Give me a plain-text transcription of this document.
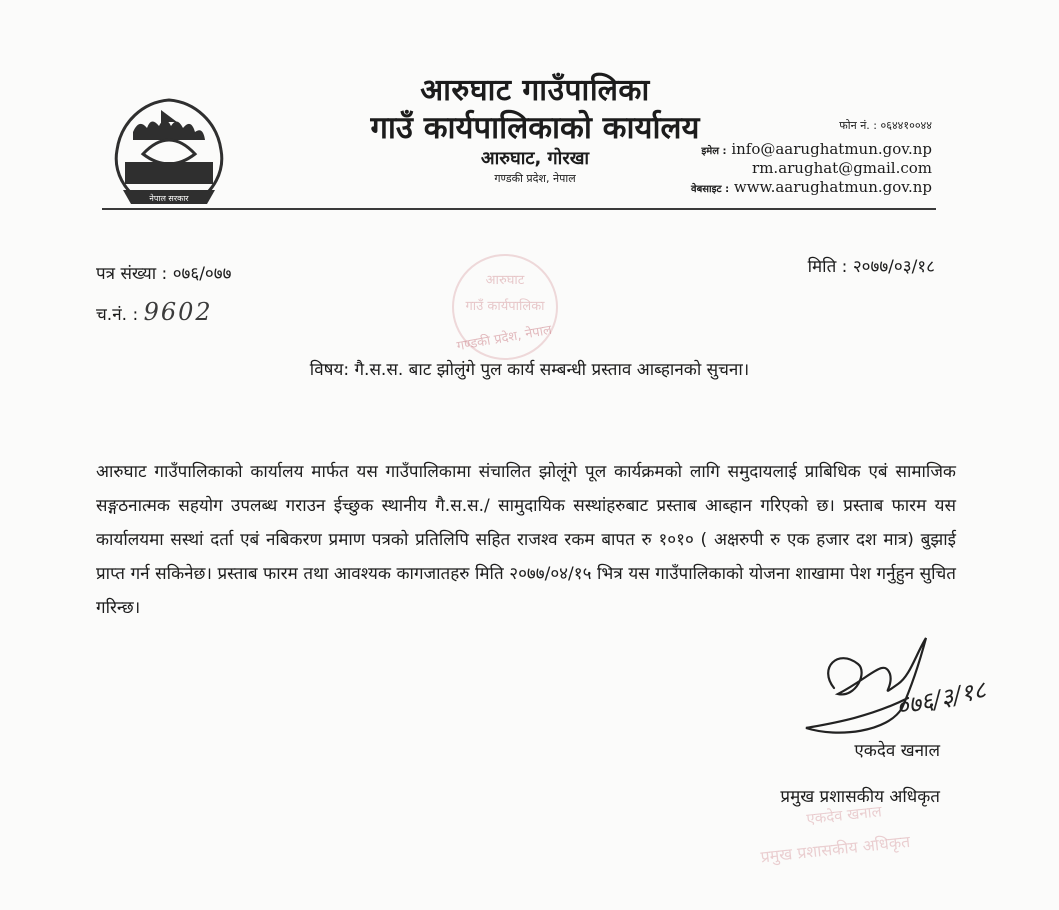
नेपाल सरकार
आरुघाट गाउँपालिका
गाउँ कार्यपालिकाको कार्यालय
आरुघाट, गोरखा
गण्डकी प्रदेश, नेपाल
फोन नं. : ०६४४१००४४
इमेल : info@aarughatmun.gov.np
rm.arughat@gmail.com
वेबसाइट : www.aarughatmun.gov.np
आरुघाट
गाउँ कार्यपालिका
गण्डकी प्रदेश, नेपाल
पत्र संख्या : ०७६/०७७	मिति : २०७७/०३/१८
च.नं. : 9602
विषय: गै.स.स. बाट झोलुंगे पुल कार्य सम्बन्धी प्रस्ताव आब्हानको सुचना।

आरुघाट गाउँपालिकाको कार्यालय मार्फत यस गाउँपालिकामा संचालित झोलूंगे पूल कार्यक्रमको लागि समुदायलाई प्राबिधिक एबं सामाजिक सङ्गठनात्मक सहयोग उपलब्ध गराउन ईच्छुक स्थानीय गै.स.स./ सामुदायिक सस्थांहरुबाट प्रस्ताब आब्हान गरिएको छ। प्रस्ताब फारम यस कार्यालयमा सस्थां दर्ता एबं नबिकरण प्रमाण पत्रको प्रतिलिपि सहित राजश्व रकम बापत रु १०१० ( अक्षरुपी रु एक हजार दश मात्र) बुझाई प्राप्त गर्न सकिनेछ। प्रस्ताब फारम तथा आवश्यक कागजातहरु मिति २०७७/०४/१५ भित्र यस गाउँपालिकाको योजना शाखामा पेश गर्नुहुन सुचित गरिन्छ।

०७६/३/१८
एकदेव खनाल
प्रमुख प्रशासकीय अधिकृत
एकदेव खनाल
प्रमुख प्रशासकीय अधिकृत
